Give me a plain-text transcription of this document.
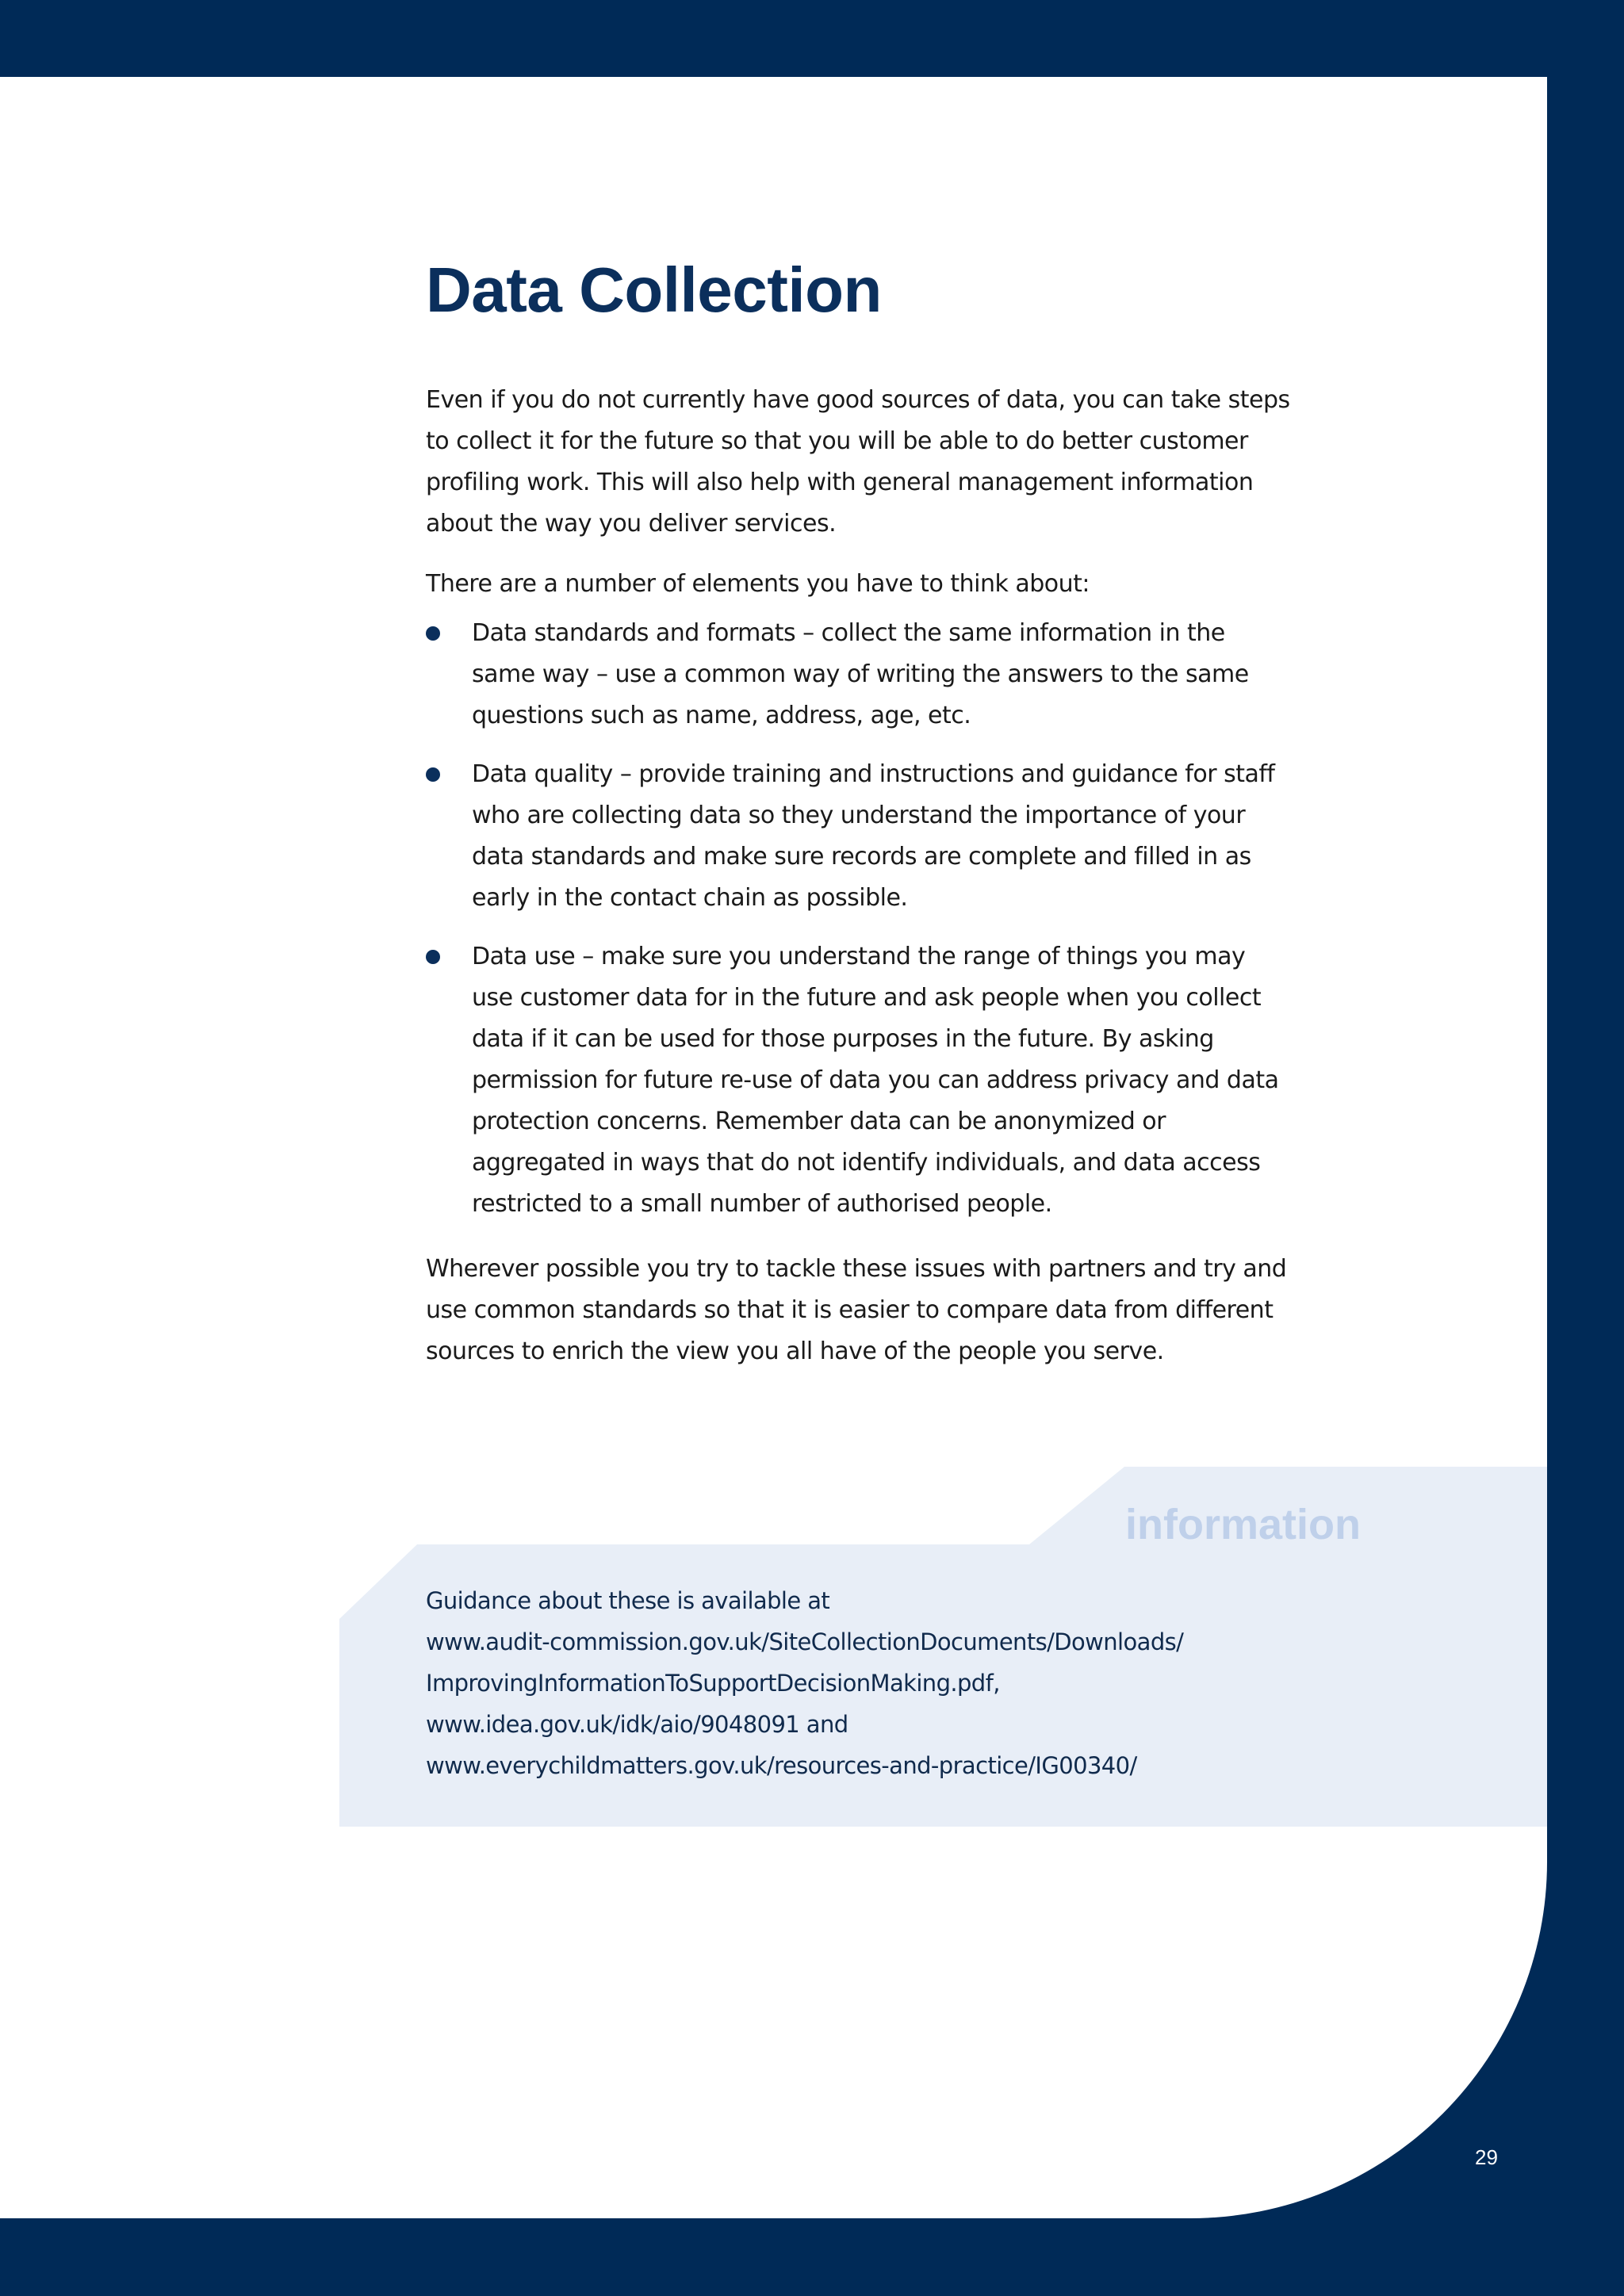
Data Collection

Even if you do not currently have good sources of data, you can take steps to collect it for the future so that you will be able to do better customer profiling work. This will also help with general management information about the way you deliver services.

There are a number of elements you have to think about:

Data standards and formats – collect the same information in the same way – use a common way of writing the answers to the same questions such as name, address, age, etc.
Data quality – provide training and instructions and guidance for staff who are collecting data so they understand the importance of your data standards and make sure records are complete and filled in as early in the contact chain as possible.
Data use – make sure you understand the range of things you may use customer data for in the future and ask people when you collect data if it can be used for those purposes in the future. By asking permission for future re-use of data you can address privacy and data protection concerns. Remember data can be anonymized or aggregated in ways that do not identify individuals, and data access restricted to a small number of authorised people.

Wherever possible you try to tackle these issues with partners and try and use common standards so that it is easier to compare data from different sources to enrich the view you all have of the people you serve.

information
Guidance about these is available at
www.audit-commission.gov.uk/SiteCollectionDocuments/Downloads/
ImprovingInformationToSupportDecisionMaking.pdf,
www.idea.gov.uk/idk/aio/9048091 and
www.everychildmatters.gov.uk/resources-and-practice/IG00340/
29
